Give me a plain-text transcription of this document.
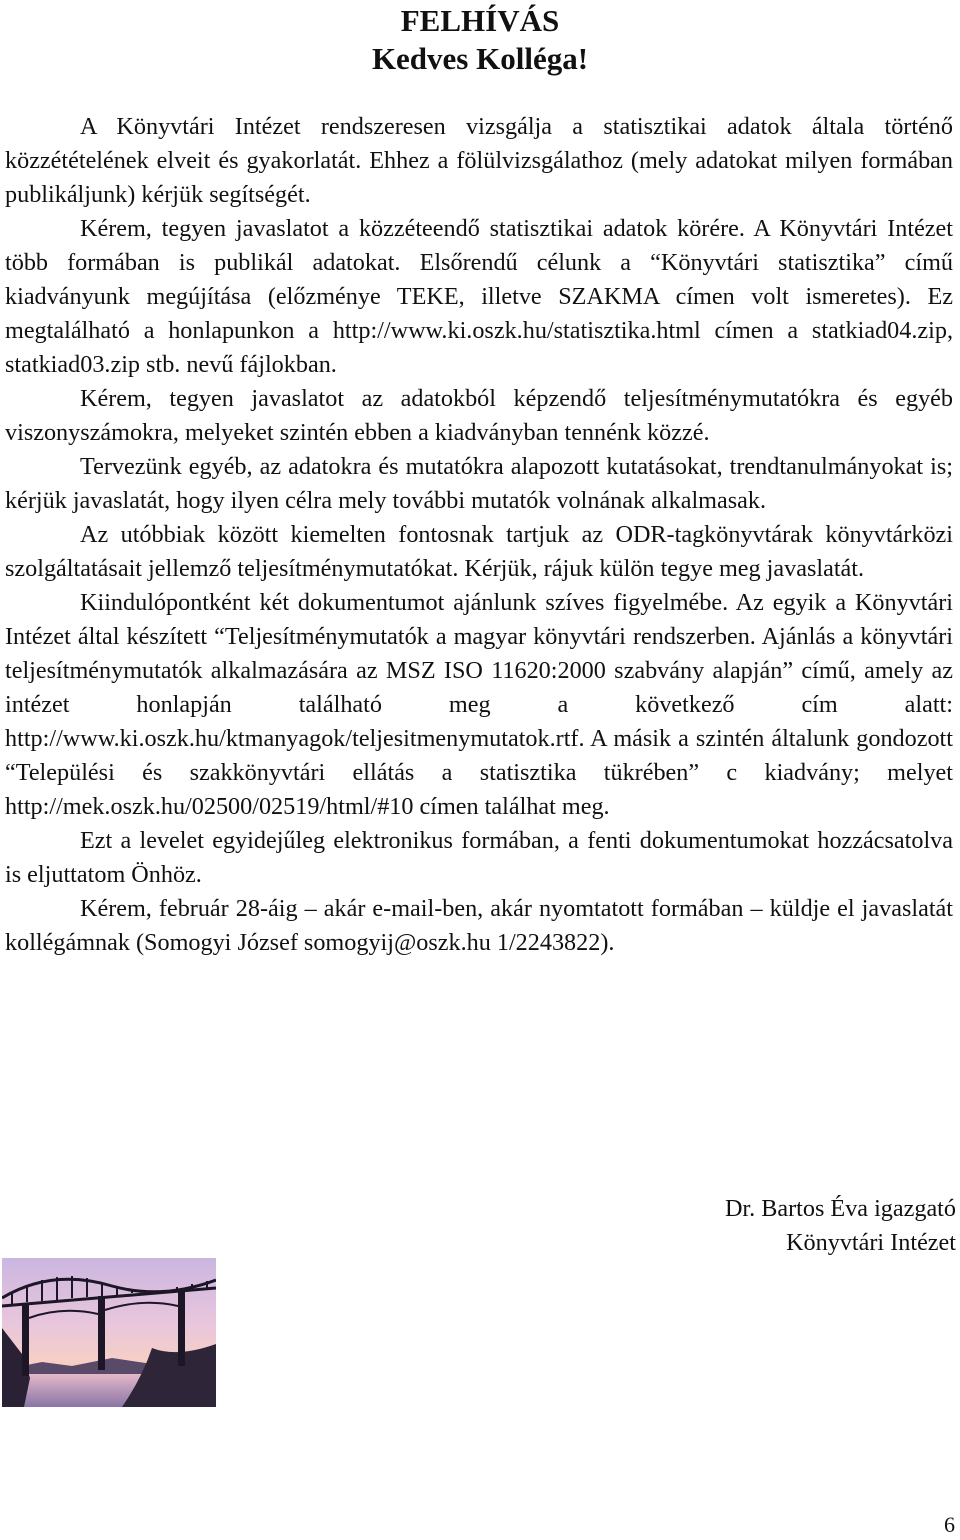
FELHÍVÁS
Kedves Kolléga!

A Könyvtári Intézet rendszeresen vizsgálja a statisztikai adatok általa történő közzétételének elveit és gyakorlatát. Ehhez a fölülvizsgálathoz (mely adatokat milyen formában publikáljunk) kérjük segítségét.

Kérem, tegyen javaslatot a közzéteendő statisztikai adatok körére. A Könyvtári Intézet több formában is publikál adatokat. Elsőrendű célunk a “Könyvtári statisztika” című kiadványunk megújítása (előzménye TEKE, illetve SZAKMA címen volt ismeretes). Ez megtalálható a honlapunkon a http://www.ki.oszk.hu/statisztika.html címen a statkiad04.zip, statkiad03.zip stb. nevű fájlokban.

Kérem, tegyen javaslatot az adatokból képzendő teljesítménymutatókra és egyéb viszonyszámokra, melyeket szintén ebben a kiadványban tennénk közzé.

Tervezünk egyéb, az adatokra és mutatókra alapozott kutatásokat, trendtanulmányokat is; kérjük javaslatát, hogy ilyen célra mely további mutatók volnának alkalmasak.

Az utóbbiak között kiemelten fontosnak tartjuk az ODR-tagkönyvtárak könyvtárközi szolgáltatásait jellemző teljesítménymutatókat. Kérjük, rájuk külön tegye meg javaslatát.

Kiindulópontként két dokumentumot ajánlunk szíves figyelmébe. Az egyik a Könyvtári Intézet által készített “Teljesítménymutatók a magyar könyvtári rendszerben. Ajánlás a könyvtári teljesítménymutatók alkalmazására az MSZ ISO 11620:2000 szabvány alapján” című, amely az intézet honlapján található meg a következő cím alatt: http://www.ki.oszk.hu/ktmanyagok/teljesitmenymutatok.rtf. A másik a szintén általunk gondozott “Települési és szakkönyvtári ellátás a statisztika tükrében” c kiadvány; melyet http://mek.oszk.hu/02500/02519/html/#10 címen találhat meg.

Ezt a levelet egyidejűleg elektronikus formában, a fenti dokumentumokat hozzácsatolva is eljuttatom Önhöz.

Kérem, február 28-áig – akár e-mail-ben, akár nyomtatott formában – küldje el javaslatát kollégámnak (Somogyi József somogyij@oszk.hu 1/2243822).

Dr. Bartos Éva igazgató
Könyvtári Intézet
6
